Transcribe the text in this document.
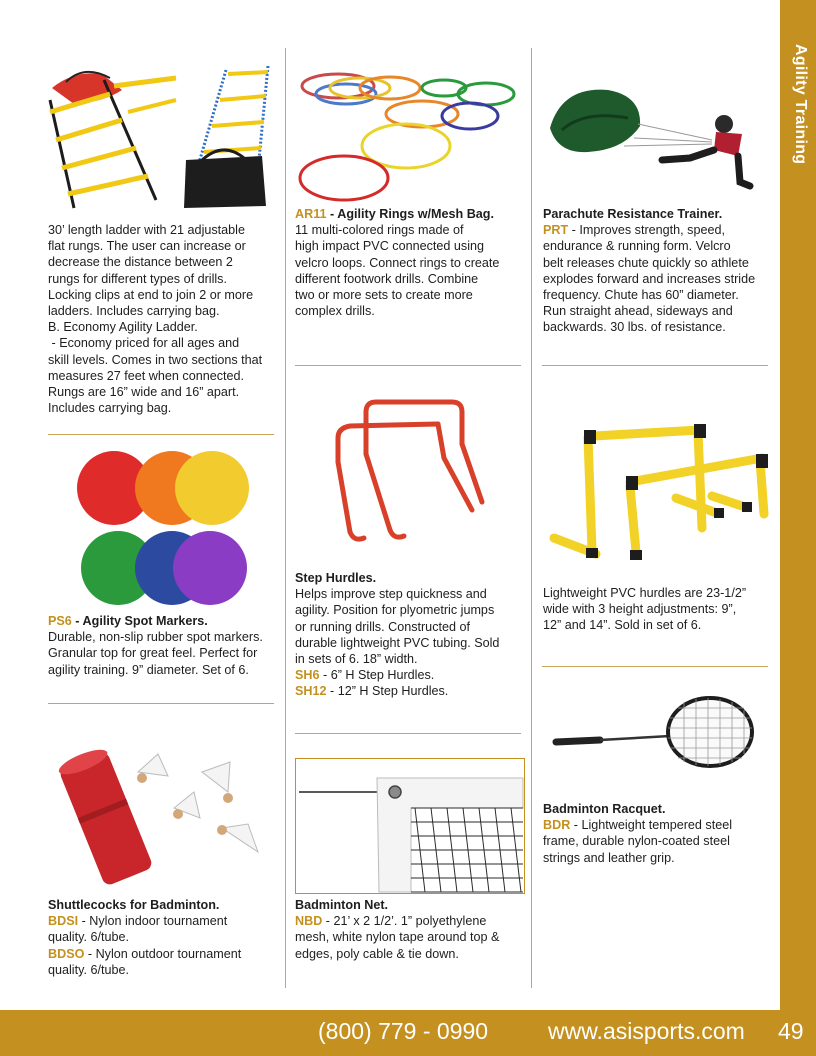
Agility Training
(800) 779 - 0990	www.asisports.com 49

30’ length ladder with 21 adjustable

flat rungs. The user can increase or

decrease the distance between 2

rungs for different types of drills.

Locking clips at end to join 2 or more

ladders. Includes carrying bag.

B. Economy Agility Ladder.

- Economy priced for all ages and

skill levels. Comes in two sections that

measures 27 feet when connected.

Rungs are 16” wide and 16” apart.

Includes carrying bag.

PS6 - Agility Spot Markers.

Durable, non-slip rubber spot markers.

Granular top for great feel. Perfect for

agility training. 9” diameter. Set of 6.

Shuttlecocks for Badminton.

BDSI - Nylon indoor tournament

quality. 6/tube.

BDSO - Nylon outdoor tournament

quality. 6/tube.

AR11 - Agility Rings w/Mesh Bag.

11 multi-colored rings made of

high impact PVC connected using

velcro loops. Connect rings to create

different footwork drills. Combine

two or more sets to create more

complex drills.

Step Hurdles.

Helps improve step quickness and

agility. Position for plyometric jumps

or running drills. Constructed of

durable lightweight PVC tubing. Sold

in sets of 6. 18” width.

SH6 - 6” H Step Hurdles.

SH12 - 12” H Step Hurdles.

Badminton Net.

NBD - 21’ x 2 1/2’. 1” polyethylene

mesh, white nylon tape around top &

edges, poly cable & tie down.

Parachute Resistance Trainer.

PRT - Improves strength, speed,

endurance & running form. Velcro

belt releases chute quickly so athlete

explodes forward and increases stride

frequency. Chute has 60” diameter.

Run straight ahead, sideways and

backwards. 30 lbs. of resistance.

Lightweight PVC hurdles are 23-1/2”

wide with 3 height adjustments: 9”,

12” and 14”. Sold in set of 6.

Badminton Racquet.

BDR - Lightweight tempered steel

frame, durable nylon-coated steel

strings and leather grip.
